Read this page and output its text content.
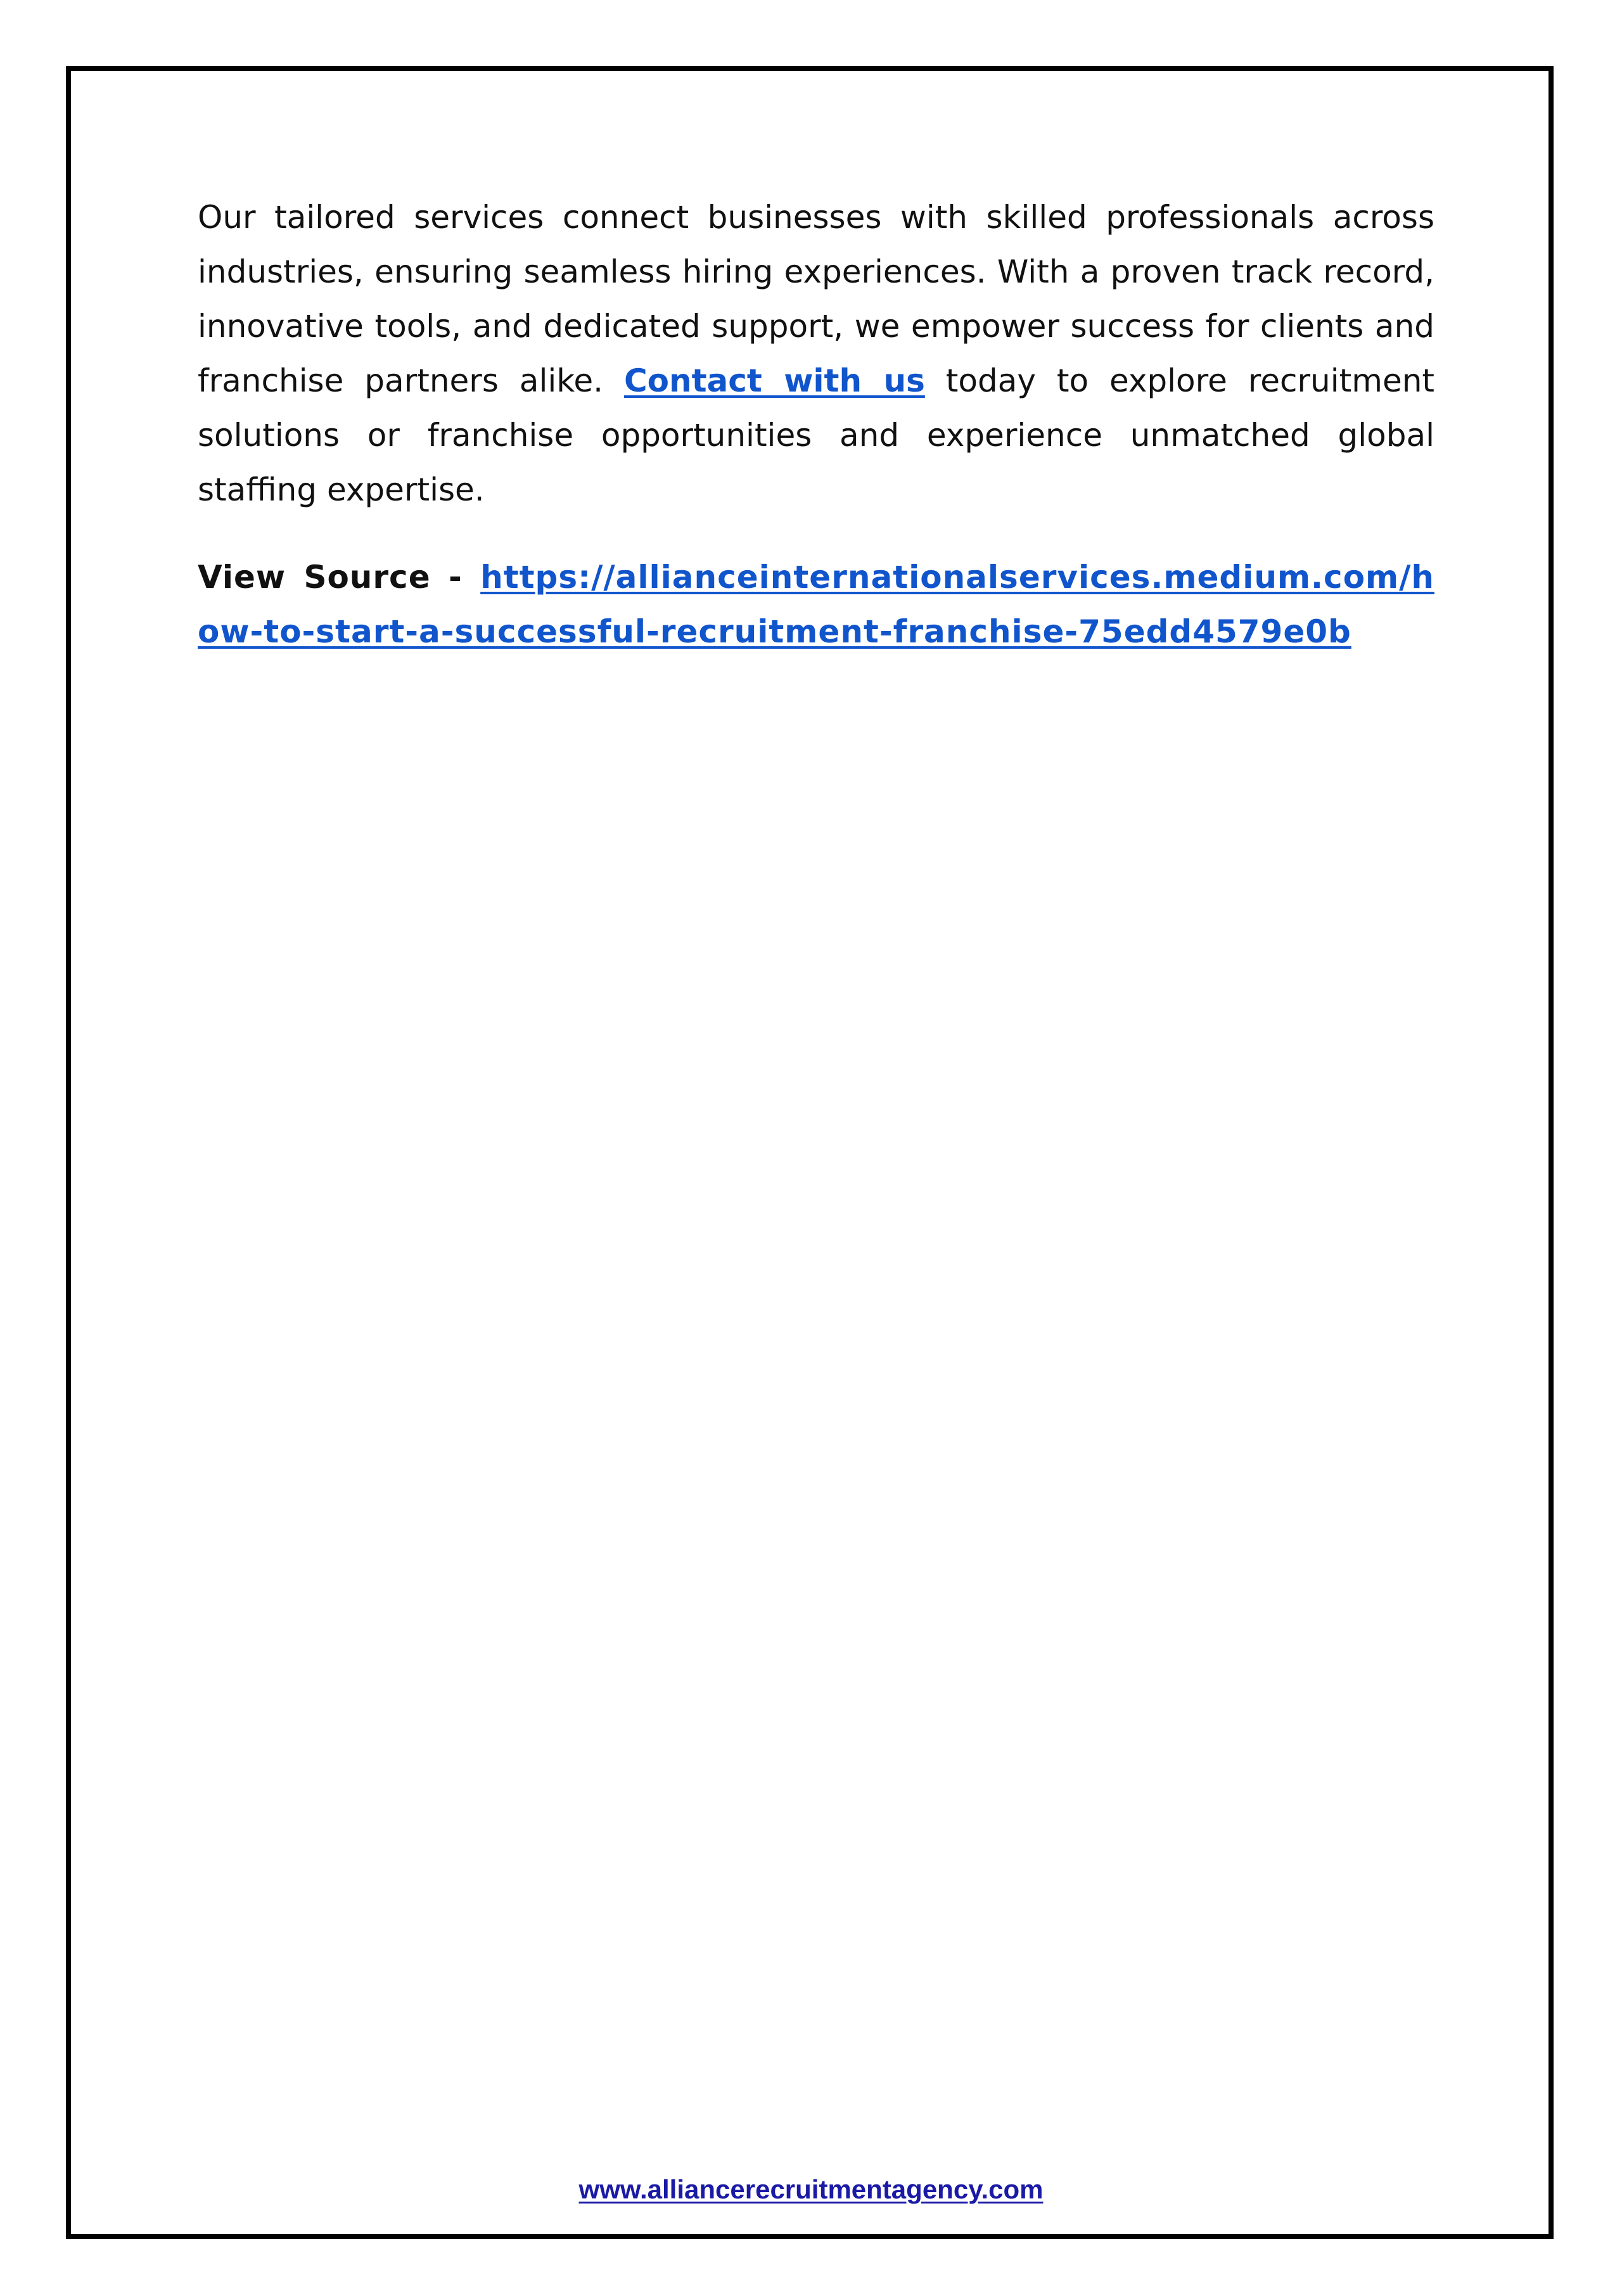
Our tailored services connect businesses with skilled professionals across industries, ensuring seamless hiring experiences. With a proven track record, innovative tools, and dedicated support, we empower success for clients and franchise partners alike. Contact with us today to explore recruitment solutions or franchise opportunities and experience unmatched global staffing expertise.

View Source - https://allianceinternationalservices.medium.com/how-to-start-a-successful-recruitment-franchise-75edd4579e0b

www.alliancerecruitmentagency.com
